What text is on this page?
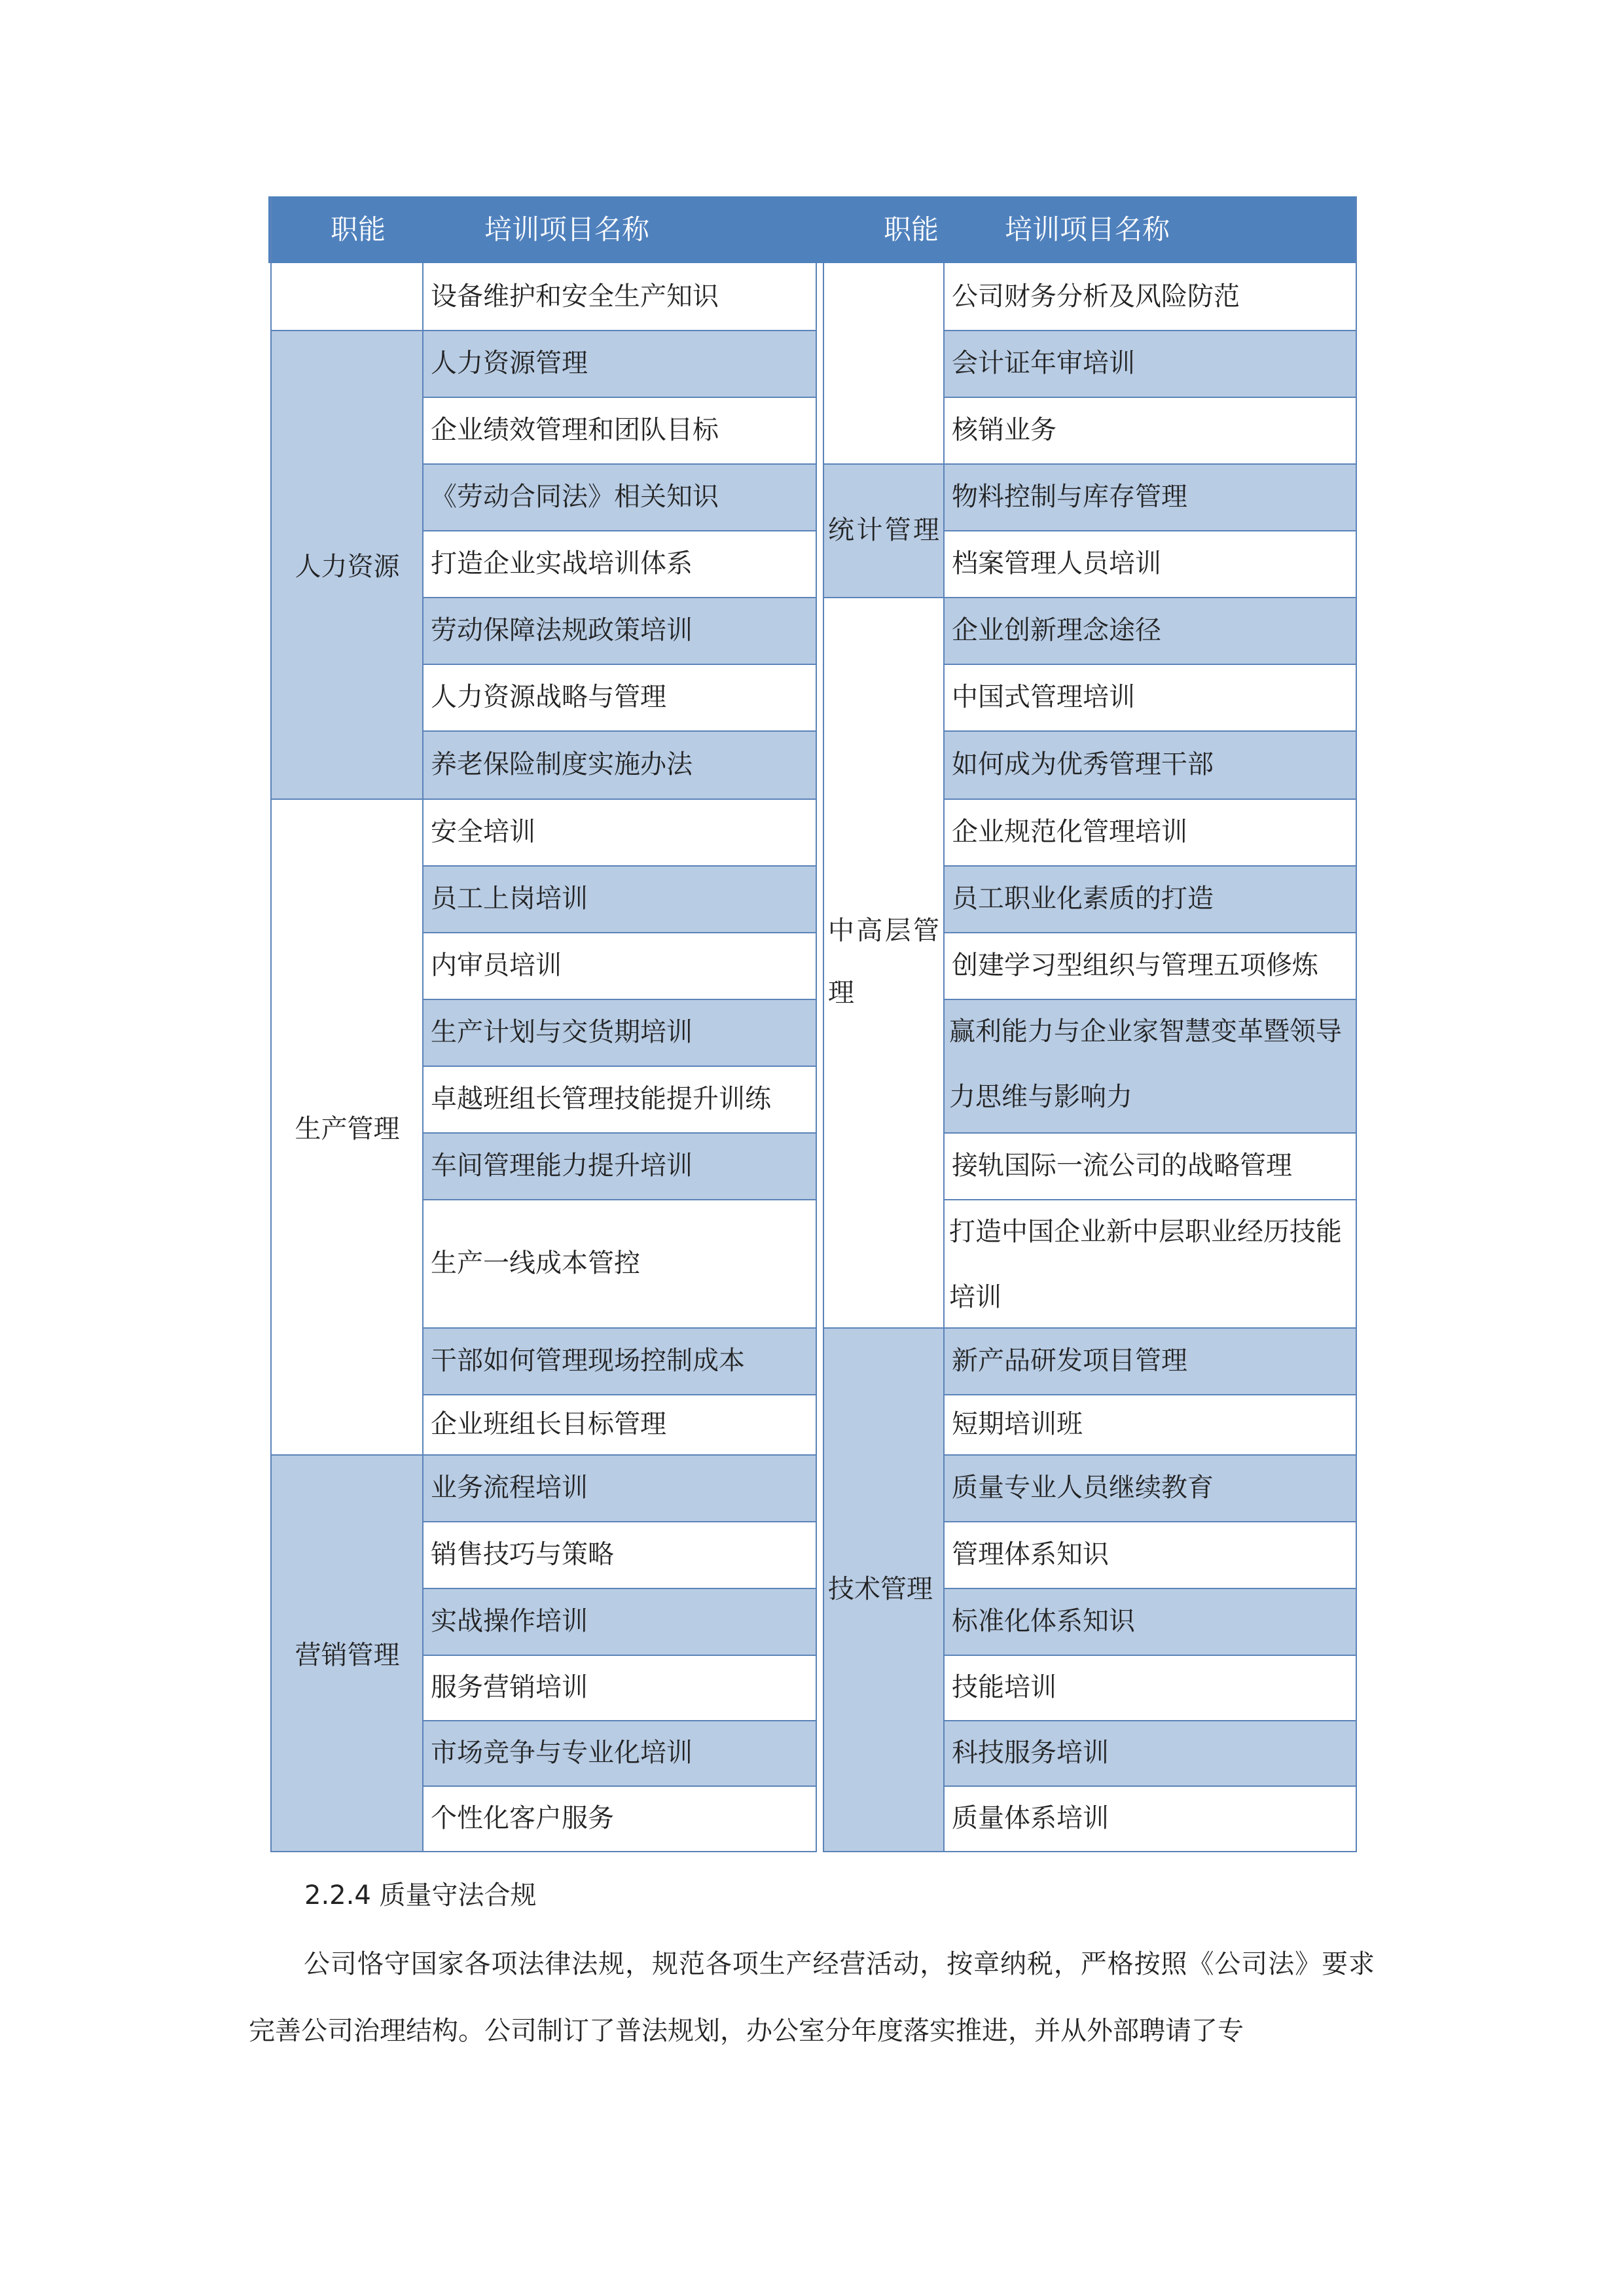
职能	培训项目名称	职能 培训项目名称
人力资源
生产管理
营销管理
设备维护和安全生产知识
人力资源管理
企业绩效管理和团队目标
《劳动合同法》相关知识
打造企业实战培训体系
劳动保障法规政策培训
人力资源战略与管理
养老保险制度实施办法
安全培训
员工上岗培训
内审员培训
生产计划与交货期培训
卓越班组长管理技能提升训练
车间管理能力提升培训
生产一线成本管控
干部如何管理现场控制成本
企业班组长目标管理
业务流程培训
销售技巧与策略
实战操作培训
服务营销培训
市场竞争与专业化培训
个性化客户服务
统计管理
中高层管理
技术管理
公司财务分析及风险防范
会计证年审培训
核销业务
物料控制与库存管理
档案管理人员培训
企业创新理念途径
中国式管理培训
如何成为优秀管理干部
企业规范化管理培训
员工职业化素质的打造
创建学习型组织与管理五项修炼
赢利能力与企业家智慧变革暨领导力思维与影响力
接轨国际一流公司的战略管理
打造中国企业新中层职业经历技能培训
新产品研发项目管理
短期培训班
质量专业人员继续教育
管理体系知识
标准化体系知识
技能培训
科技服务培训
质量体系培训
2.2.4 质量守法合规
公司恪守国家各项法律法规，规范各项生产经营活动，按章纳税，严格按照《公司法》要求完善公司治理结构。公司制订了普法规划，办公室分年度落实推进，并从外部聘请了专
